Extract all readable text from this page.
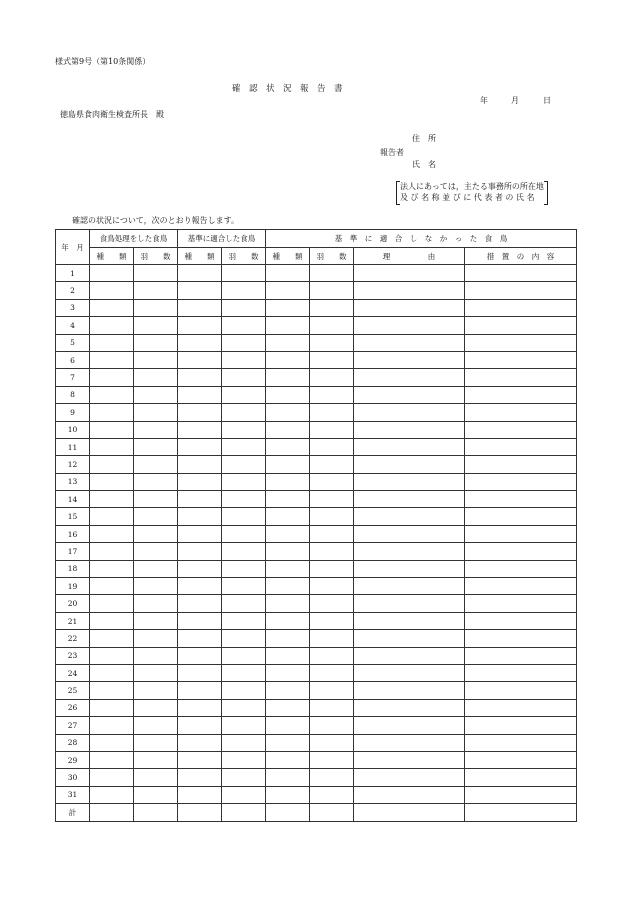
様式第9号（第10条関係）
確　認　状　況　報　告　書
年	月	日
徳島県食肉衛生検査所長　殿
住　所
報告者
氏　名
法人にあっては，主たる事務所の所在地
及 び 名 称 並 び に 代 表 者 の 氏 名
確認の状況について，次のとおり報告します。
年　月	食鳥処理をした食鳥		基準に適合した食鳥		基　準　に　適　合　し　な　か　っ　た　食　鳥			
	種　　類	羽　　数	種　　類	羽　　数	種　　類	羽　　数	理　　　　　由	措　置　の　内　容
1								
2								
3								
4								
5								
6								
7								
8								
9								
10								
11								
12								
13								
14								
15								
16								
17								
18								
19								
20								
21								
22								
23								
24								
25								
26								
27								
28								
29								
30								
31								
計								
